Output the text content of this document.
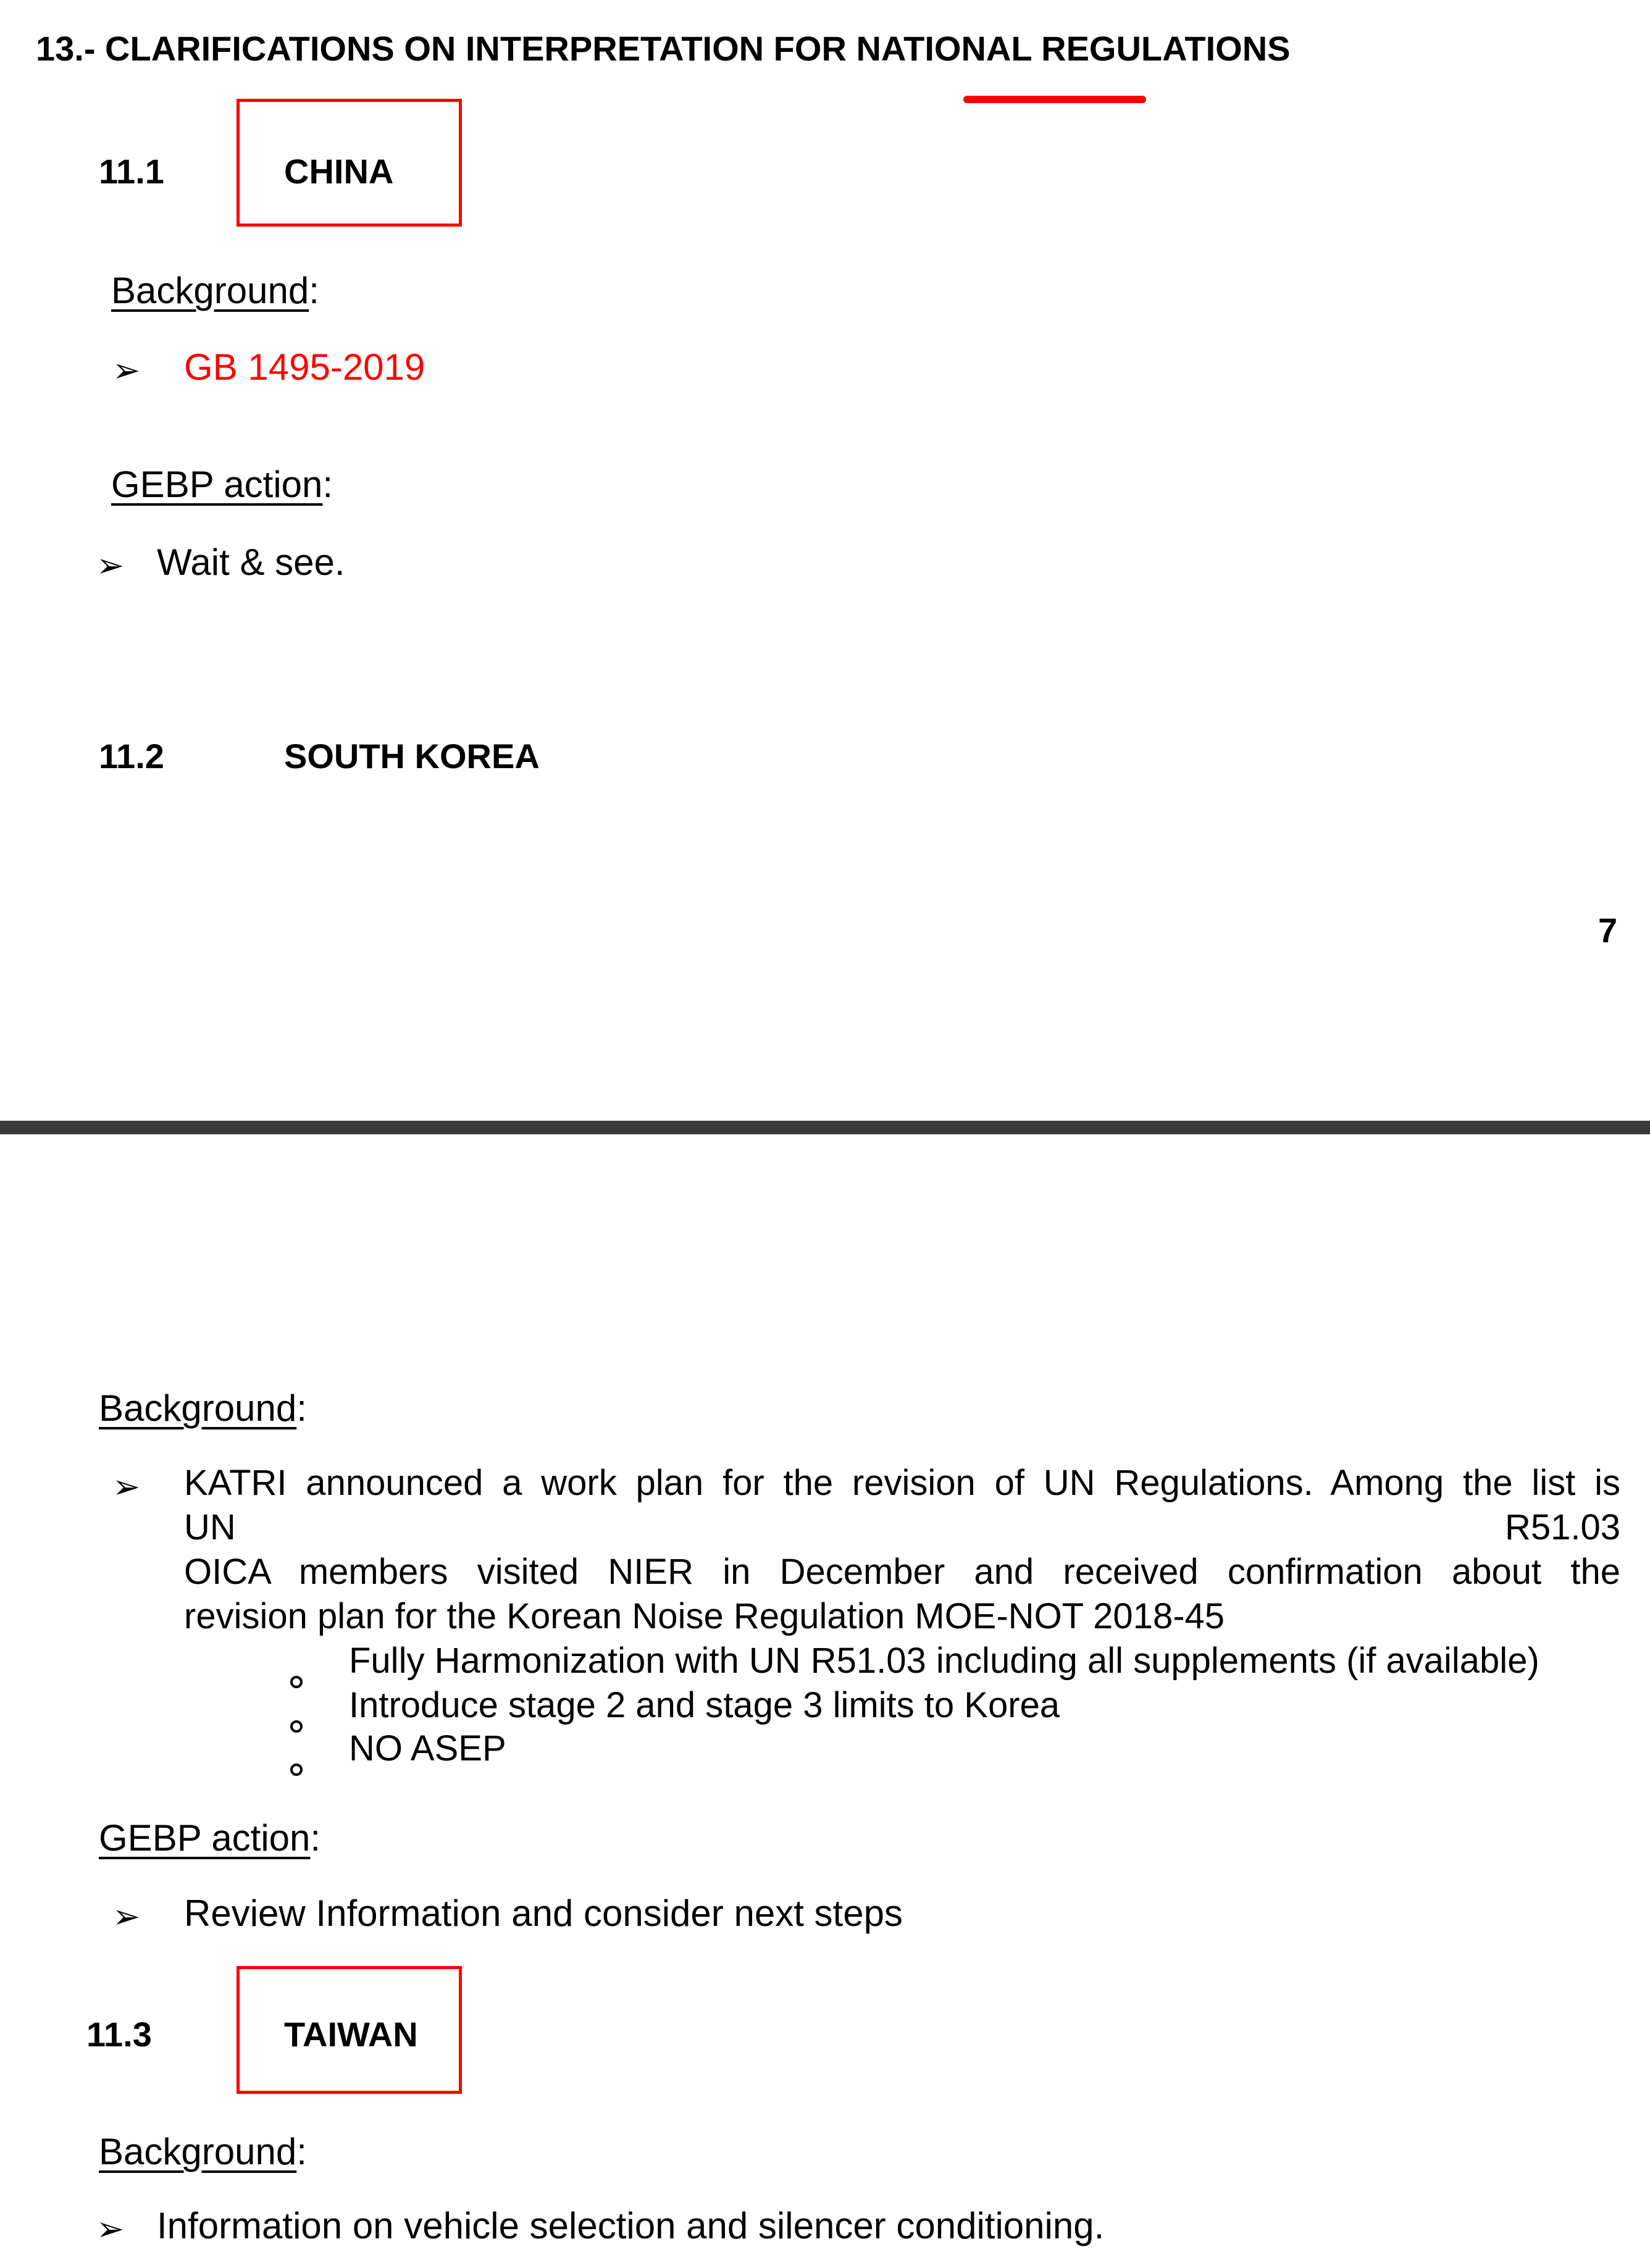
13.- CLARIFICATIONS ON INTERPRETATION FOR NATIONAL REGULATIONS
11.1	CHINA
Background:
➢ GB 1495-2019
GEBP action:
➢ Wait & see.
11.2	SOUTH KOREA
7
Background:
➢ KATRI announced a work plan for the revision of UN Regulations. Among the list is
UN	R51.03
OICA members visited NIER in December and received confirmation about the
revision plan for the Korean Noise Regulation MOE-NOT 2018-45
Fully Harmonization with UN R51.03 including all supplements (if available)
Introduce stage 2 and stage 3 limits to Korea
NO ASEP
GEBP action:
➢ Review Information and consider next steps
11.3	TAIWAN
Background:
➢ Information on vehicle selection and silencer conditioning.
